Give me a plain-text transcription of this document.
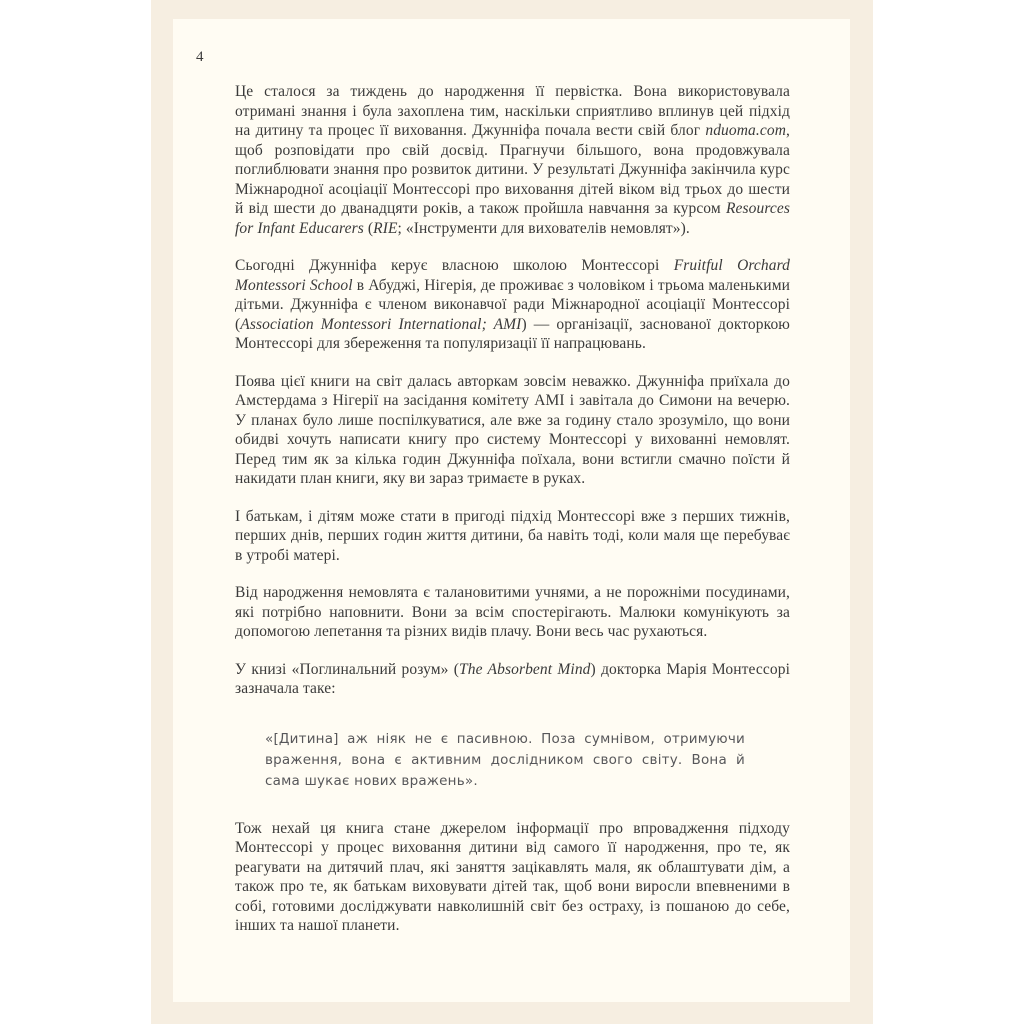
4

Це сталося за тиждень до народження її первістка. Вона використовувала отримані знання і була захоплена тим, наскільки сприятливо вплинув цей підхід на дитину та процес її виховання. Джунніфа почала вести свій блог nduoma.com, щоб розповідати про свій досвід. Прагнучи більшого, вона продовжувала поглиблювати знання про розвиток дитини. У результаті Джунніфа закінчила курс Міжнародної асоціації Монтессорі про виховання дітей віком від трьох до шести й від шести до дванадцяти років, а також пройшла навчання за курсом Resources for Infant Educarers (RIE; «Інструменти для вихователів немовлят»).

Сьогодні Джунніфа керує власною школою Монтессорі Fruitful Orchard Montessori School в Абуджі, Нігерія, де проживає з чоловіком і трьома маленькими дітьми. Джунніфа є членом виконавчої ради Міжнародної асоціації Монтессорі (Association Montessori International; AMI) — організації, заснованої докторкою Монтессорі для збереження та популяризації її напрацювань.

Поява цієї книги на світ далась авторкам зовсім неважко. Джунніфа приїхала до Амстердама з Нігерії на засідання комітету AMI і завітала до Симони на вечерю. У планах було лише поспілкуватися, але вже за годину стало зрозуміло, що вони обидві хочуть написати книгу про систему Монтессорі у вихованні немовлят. Перед тим як за кілька годин Джунніфа поїхала, вони встигли смачно поїсти й накидати план книги, яку ви зараз тримаєте в руках.

І батькам, і дітям може стати в пригоді підхід Монтессорі вже з перших тижнів, перших днів, перших годин життя дитини, ба навіть тоді, коли маля ще перебуває в утробі матері.

Від народження немовлята є талановитими учнями, а не порожніми посудинами, які потрібно наповнити. Вони за всім спостерігають. Малюки комунікують за допомогою лепетання та різних видів плачу. Вони весь час рухаються.

У книзі «Поглинальний розум» (The Absorbent Mind) докторка Марія Монтессорі зазначала таке:

«[Дитина] аж ніяк не є пасивною. Поза сумнівом, отримуючи враження, вона є активним дослідником свого світу. Вона й сама шукає нових вражень».

Тож нехай ця книга стане джерелом інформації про впровадження підходу Монтессорі у процес виховання дитини від самого її народження, про те, як реагувати на дитячий плач, які заняття зацікавлять маля, як облаштувати дім, а також про те, як батькам виховувати дітей так, щоб вони виросли впевненими в собі, готовими досліджувати навколишній світ без остраху, із пошаною до себе, інших та нашої планети.
